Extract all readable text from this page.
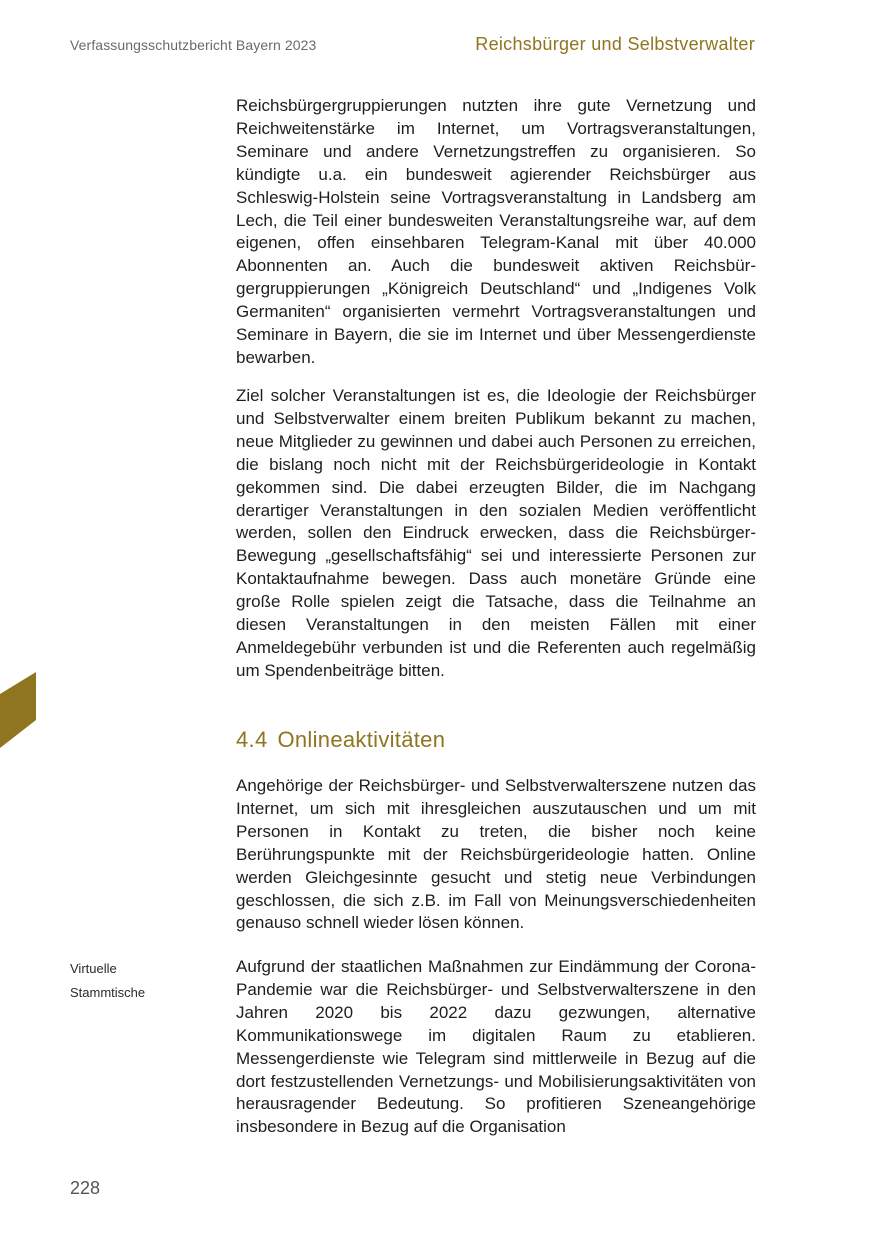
Verfassungsschutzbericht Bayern 2023	Reichsbürger und Selbstverwalter

Reichsbürgergruppierungen nutzten ihre gute Vernetzung und Reichweitenstärke im Internet, um Vortragsveranstaltungen, Seminare und andere Vernetzungstreffen zu organisieren. So kündigte u.a. ein bundesweit agierender Reichsbürger aus Schleswig-Holstein seine Vortragsveranstaltung in Landsberg am Lech, die Teil einer bundesweiten Veranstaltungsreihe war, auf dem eigenen, offen einsehbaren Telegram-Kanal mit über 40.000 Abonnenten an. Auch die bundesweit aktiven Reichsbürgergruppierungen „Königreich Deutschland“ und „Indigenes Volk Germaniten“ organisierten vermehrt Vortragsveranstaltungen und Seminare in Bayern, die sie im Internet und über Messengerdienste bewarben.

Ziel solcher Veranstaltungen ist es, die Ideologie der Reichsbürger und Selbstverwalter einem breiten Publikum bekannt zu machen, neue Mitglieder zu gewinnen und dabei auch Personen zu erreichen, die bislang noch nicht mit der Reichsbürgerideologie in Kontakt gekommen sind. Die dabei erzeugten Bilder, die im Nachgang derartiger Veranstaltungen in den sozialen Medien veröffentlicht werden, sollen den Eindruck erwecken, dass die Reichsbürger-Bewegung „gesellschaftsfähig“ sei und interessierte Personen zur Kontaktaufnahme bewegen. Dass auch monetäre Gründe eine große Rolle spielen zeigt die Tatsache, dass die Teilnahme an diesen Veranstaltungen in den meisten Fällen mit einer Anmeldegebühr verbunden ist und die Referenten auch regelmäßig um Spendenbeiträge bitten.

4.4 Onlineaktivitäten

Angehörige der Reichsbürger- und Selbstverwalterszene nutzen das Internet, um sich mit ihresgleichen auszutauschen und um mit Personen in Kontakt zu treten, die bisher noch keine Berührungspunkte mit der Reichsbürgerideologie hatten. Online werden Gleichgesinnte gesucht und stetig neue Verbindungen geschlossen, die sich z.B. im Fall von Meinungsverschiedenheiten genauso schnell wieder lösen können.

Virtuelle
Stammtische

Aufgrund der staatlichen Maßnahmen zur Eindämmung der Corona-Pandemie war die Reichsbürger- und Selbstverwalterszene in den Jahren 2020 bis 2022 dazu gezwungen, alternative Kommunikationswege im digitalen Raum zu etablieren. Messengerdienste wie Telegram sind mittlerweile in Bezug auf die dort festzustellenden Vernetzungs- und Mobilisierungsaktivitäten von herausragender Bedeutung. So profitieren Szeneangehörige insbesondere in Bezug auf die Organisation

228
